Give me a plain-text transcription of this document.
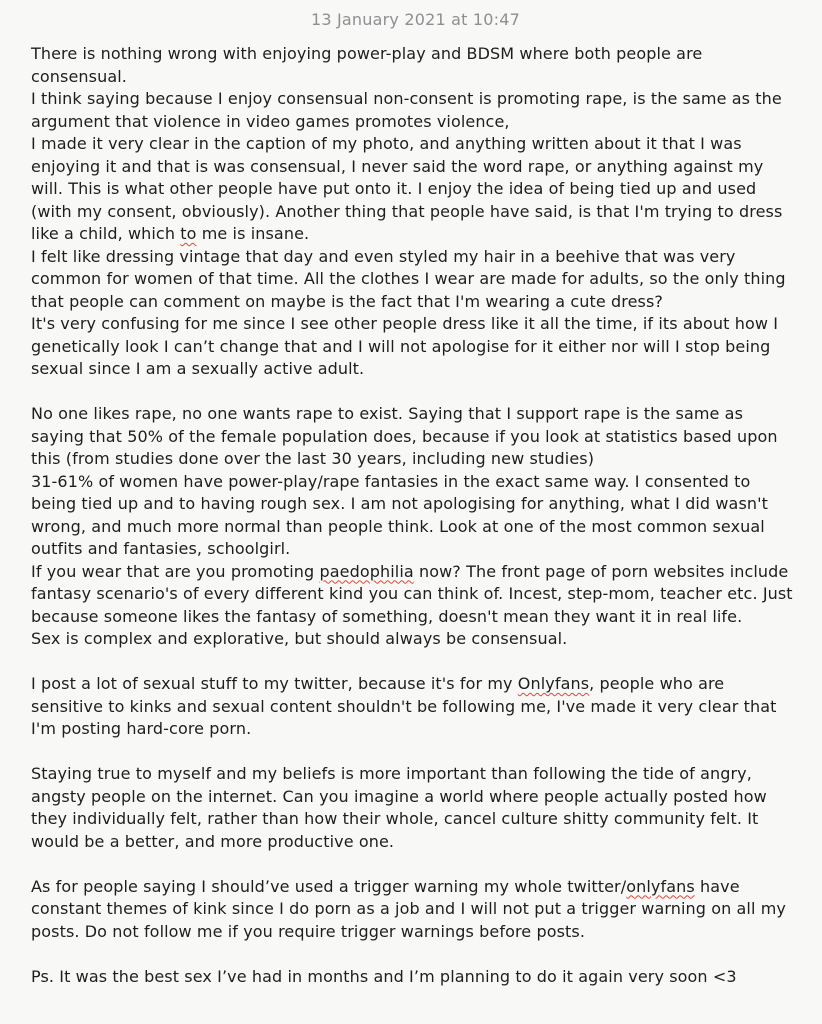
13 January 2021 at 10:47

There is nothing wrong with enjoying power-play and BDSM where both people are consensual.

I think saying because I enjoy consensual non-consent is promoting rape, is the same as the argument that violence in video games promotes violence,

I made it very clear in the caption of my photo, and anything written about it that I was enjoying it and that is was consensual, I never said the word rape, or anything against my will. This is what other people have put onto it. I enjoy the idea of being tied up and used (with my consent, obviously). Another thing that people have said, is that I'm trying to dress like a child, which to me is insane.

I felt like dressing vintage that day and even styled my hair in a beehive that was very common for women of that time. All the clothes I wear are made for adults, so the only thing that people can comment on maybe is the fact that I'm wearing a cute dress?

It's very confusing for me since I see other people dress like it all the time, if its about how I genetically look I can’t change that and I will not apologise for it either nor will I stop being sexual since I am a sexually active adult.

No one likes rape, no one wants rape to exist. Saying that I support rape is the same as saying that 50% of the female population does, because if you look at statistics based upon this (from studies done over the last 30 years, including new studies)

31-61% of women have power-play/rape fantasies in the exact same way. I consented to being tied up and to having rough sex. I am not apologising for anything, what I did wasn't wrong, and much more normal than people think. Look at one of the most common sexual outfits and fantasies, schoolgirl.

If you wear that are you promoting paedophilia now? The front page of porn websites include fantasy scenario's of every different kind you can think of. Incest, step-mom, teacher etc. Just because someone likes the fantasy of something, doesn't mean they want it in real life.

Sex is complex and explorative, but should always be consensual.

I post a lot of sexual stuff to my twitter, because it's for my Onlyfans, people who are sensitive to kinks and sexual content shouldn't be following me, I've made it very clear that I'm posting hard-core porn.

Staying true to myself and my beliefs is more important than following the tide of angry, angsty people on the internet. Can you imagine a world where people actually posted how they individually felt, rather than how their whole, cancel culture shitty community felt. It would be a better, and more productive one.

As for people saying I should’ve used a trigger warning my whole twitter/onlyfans have constant themes of kink since I do porn as a job and I will not put a trigger warning on all my posts. Do not follow me if you require trigger warnings before posts.

Ps. It was the best sex I’ve had in months and I’m planning to do it again very soon <3
